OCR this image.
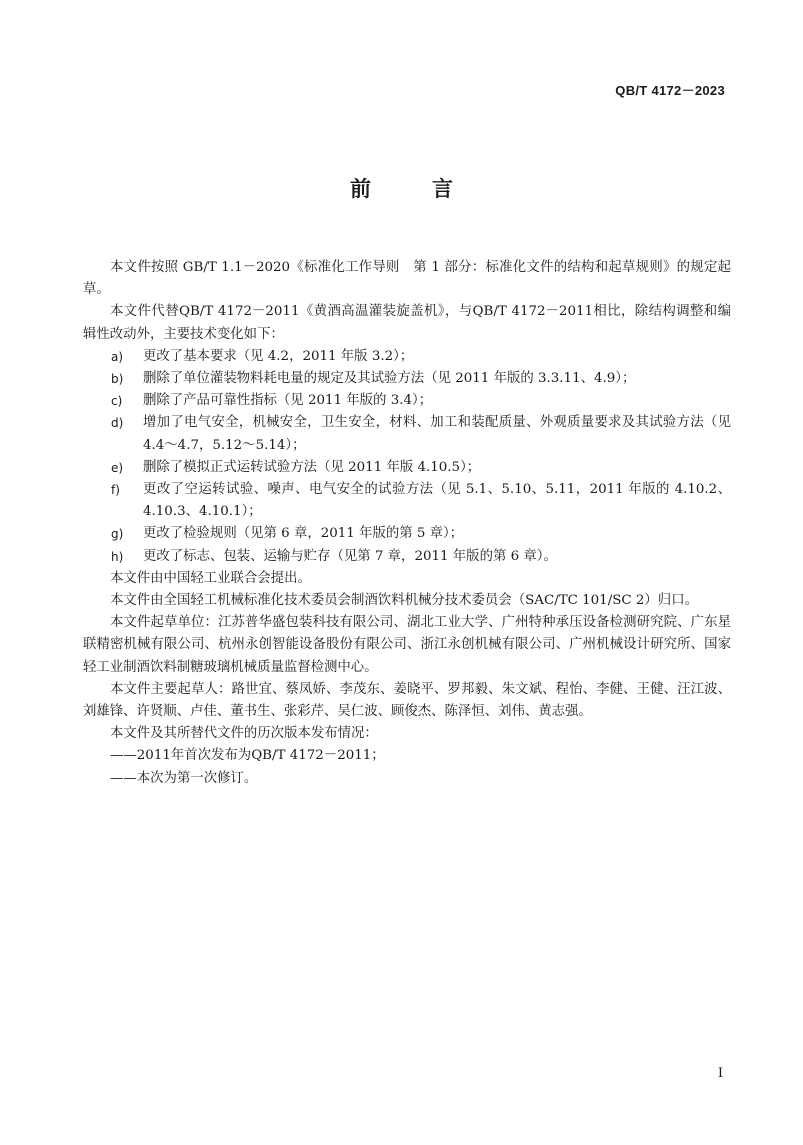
QB/T 4172－2023
前　言

本文件按照 GB/T 1.1－2020《标准化工作导则　第 1 部分：标准化文件的结构和起草规则》的规定起草。

本文件代替QB/T 4172－2011《黄酒高温灌装旋盖机》，与QB/T 4172－2011相比，除结构调整和编辑性改动外，主要技术变化如下：

a)	更改了基本要求（见 4.2，2011 年版 3.2）；
b)	删除了单位灌装物料耗电量的规定及其试验方法（见 2011 年版的 3.3.11、4.9）；
c)	删除了产品可靠性指标（见 2011 年版的 3.4）；
d)	增加了电气安全，机械安全，卫生安全，材料、加工和装配质量、外观质量要求及其试验方法（见 4.4～4.7，5.12～5.14）；
e)	删除了模拟正式运转试验方法（见 2011 年版 4.10.5）；
f)	更改了空运转试验、噪声、电气安全的试验方法（见 5.1、5.10、5.11，2011 年版的 4.10.2、4.10.3、4.10.1）；
g)	更改了检验规则（见第 6 章，2011 年版的第 5 章）；
h)	更改了标志、包装、运输与贮存（见第 7 章，2011 年版的第 6 章）。

本文件由中国轻工业联合会提出。

本文件由全国轻工机械标准化技术委员会制酒饮料机械分技术委员会（SAC/TC 101/SC 2）归口。

本文件起草单位：江苏普华盛包装科技有限公司、湖北工业大学、广州特种承压设备检测研究院、广东星联精密机械有限公司、杭州永创智能设备股份有限公司、浙江永创机械有限公司、广州机械设计研究所、国家轻工业制酒饮料制糖玻璃机械质量监督检测中心。

本文件主要起草人：路世宜、蔡凤娇、李茂东、姜晓平、罗邦毅、朱文斌、程怡、李健、王健、汪江波、刘雄锋、许贤顺、卢佳、董书生、张彩芹、吴仁波、顾俊杰、陈泽恒、刘伟、黄志强。

本文件及其所替代文件的历次版本发布情况：

——2011年首次发布为QB/T 4172－2011；

——本次为第一次修订。

I
